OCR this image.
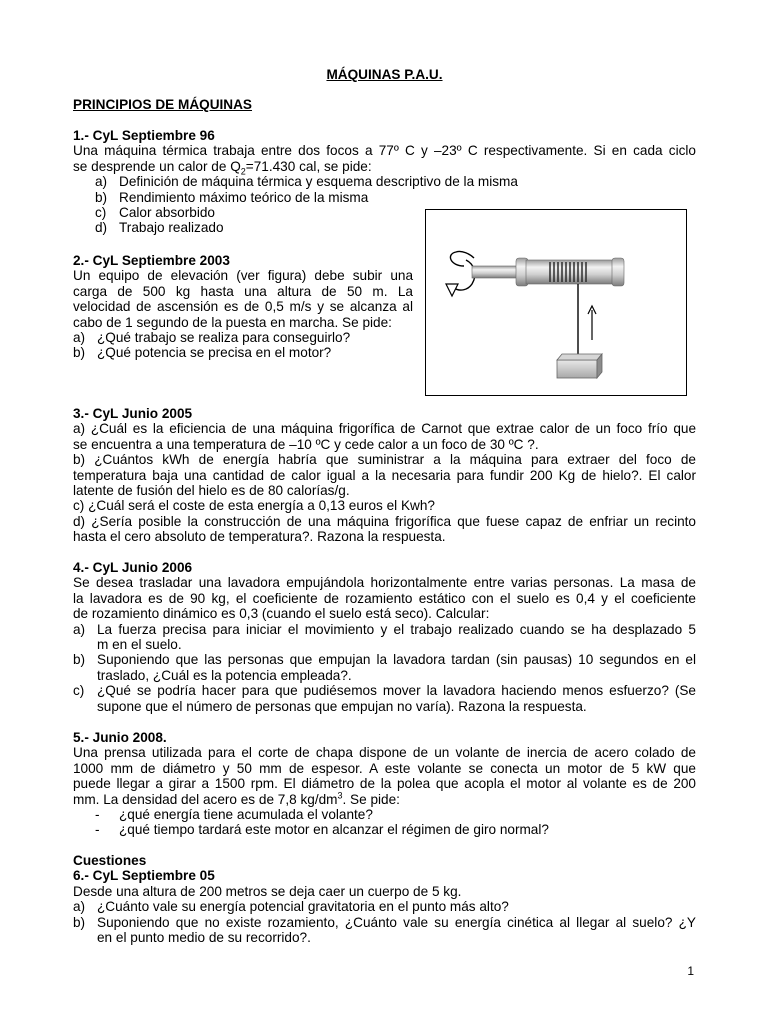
MÁQUINAS P.A.U.
PRINCIPIOS DE MÁQUINAS
1.- CyL Septiembre 96
Una máquina térmica trabaja entre dos focos a 77º C y –23º C respectivamente. Si en cada ciclo
se desprende un calor de $Q_2=71.430$ cal, se pide:
a) Definición de máquina térmica y esquema descriptivo de la misma
b) Rendimiento máximo teórico de la misma
c) Calor absorbido
d) Trabajo realizado
2.- CyL Septiembre 2003
Un equipo de elevación (ver figura) debe subir una
carga de 500 kg hasta una altura de 50 m. La
velocidad de ascensión es de 0,5 m/s y se alcanza al
cabo de 1 segundo de la puesta en marcha. Se pide:
a) ¿Qué trabajo se realiza para conseguirlo?
b) ¿Qué potencia se precisa en el motor?
3.- CyL Junio 2005
a) ¿Cuál es la eficiencia de una máquina frigorífica de Carnot que extrae calor de un foco frío que
se encuentra a una temperatura de –10 ºC y cede calor a un foco de 30 ºC ?.
b) ¿Cuántos kWh de energía habría que suministrar a la máquina para extraer del foco de
temperatura baja una cantidad de calor igual a la necesaria para fundir 200 Kg de hielo?. El calor
latente de fusión del hielo es de 80 calorías/g.
c) ¿Cuál será el coste de esta energía a 0,13 euros el Kwh?
d) ¿Sería posible la construcción de una máquina frigorífica que fuese capaz de enfriar un recinto
hasta el cero absoluto de temperatura?. Razona la respuesta.
4.- CyL Junio 2006
Se desea trasladar una lavadora empujándola horizontalmente entre varias personas. La masa de
la lavadora es de 90 kg, el coeficiente de rozamiento estático con el suelo es 0,4 y el coeficiente
de rozamiento dinámico es 0,3 (cuando el suelo está seco). Calcular:
a) La fuerza precisa para iniciar el movimiento y el trabajo realizado cuando se ha desplazado 5
m en el suelo.
b) Suponiendo que las personas que empujan la lavadora tardan (sin pausas) 10 segundos en el
traslado, ¿Cuál es la potencia empleada?.
c) ¿Qué se podría hacer para que pudiésemos mover la lavadora haciendo menos esfuerzo? (Se
supone que el número de personas que empujan no varía). Razona la respuesta.
5.- Junio 2008.
Una prensa utilizada para el corte de chapa dispone de un volante de inercia de acero colado de
1000 mm de diámetro y 50 mm de espesor. A este volante se conecta un motor de 5 kW que
puede llegar a girar a 1500 rpm. El diámetro de la polea que acopla el motor al volante es de 200
mm. La densidad del acero es de 7,8 $kg/dm^3$. Se pide:
-	¿qué energía tiene acumulada el volante?
-	¿qué tiempo tardará este motor en alcanzar el régimen de giro normal?
Cuestiones
6.- CyL Septiembre 05
Desde una altura de 200 metros se deja caer un cuerpo de 5 kg.
a) ¿Cuánto vale su energía potencial gravitatoria en el punto más alto?
b) Suponiendo que no existe rozamiento, ¿Cuánto vale su energía cinética al llegar al suelo? ¿Y
en el punto medio de su recorrido?.
1
